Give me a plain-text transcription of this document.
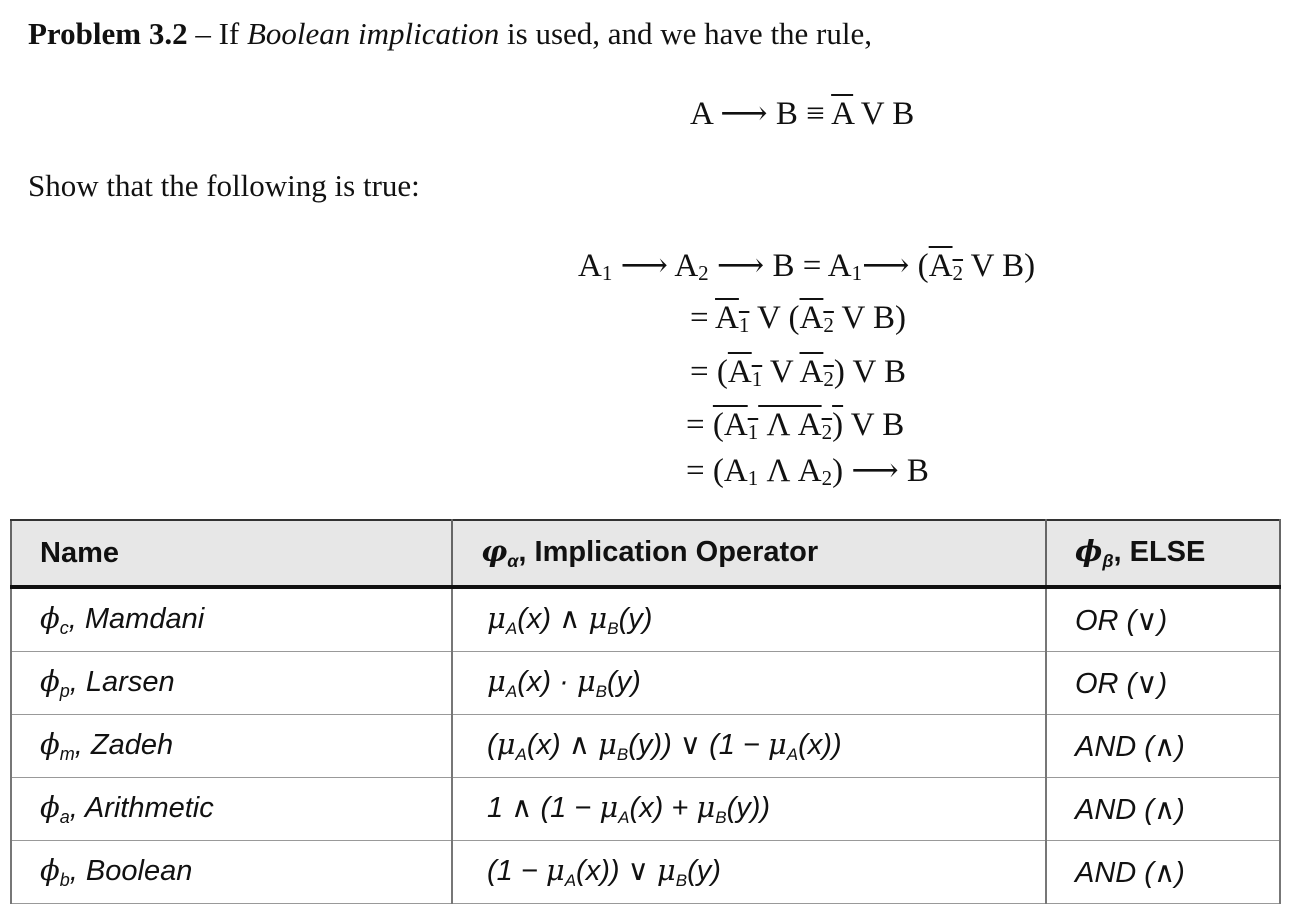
Problem 3.2 – If Boolean implication is used, and we have the rule,
A ⟶ $B \equiv \overline{A}$ V B
Show that the following is true:
A1 ⟶ A2 ⟶ B = A1⟶ (A2 V B)
= A1 V (A2 V B)
= (A1 V A2) V B
= (A1 Λ A2) V B
= (A1 Λ A2) ⟶ B
Name	$\varphi_\alpha$, Implication Operator	$\phi_\beta$, ELSE
$\phi_c$, Mamdani	$\mu_A(x)$ ∧ $\mu_B(y)$	OR (∨)
$\phi_p$, Larsen	$\mu_A(x) \cdot \mu_B(y)$	OR (∨)
$\phi_m$, Zadeh	($\mu_A(x)$ ∧ $\mu_B(y)$) ∨ $(1 - \mu_A(x))$	AND (∧)
$\phi_a$, Arithmetic	1 ∧ $(1 - \mu_A(x) + \mu_B(y))$	AND (∧)
$\phi_b$, Boolean	$(1 - \mu_A(x))$ ∨ $\mu_B(y)$	AND (∧)
